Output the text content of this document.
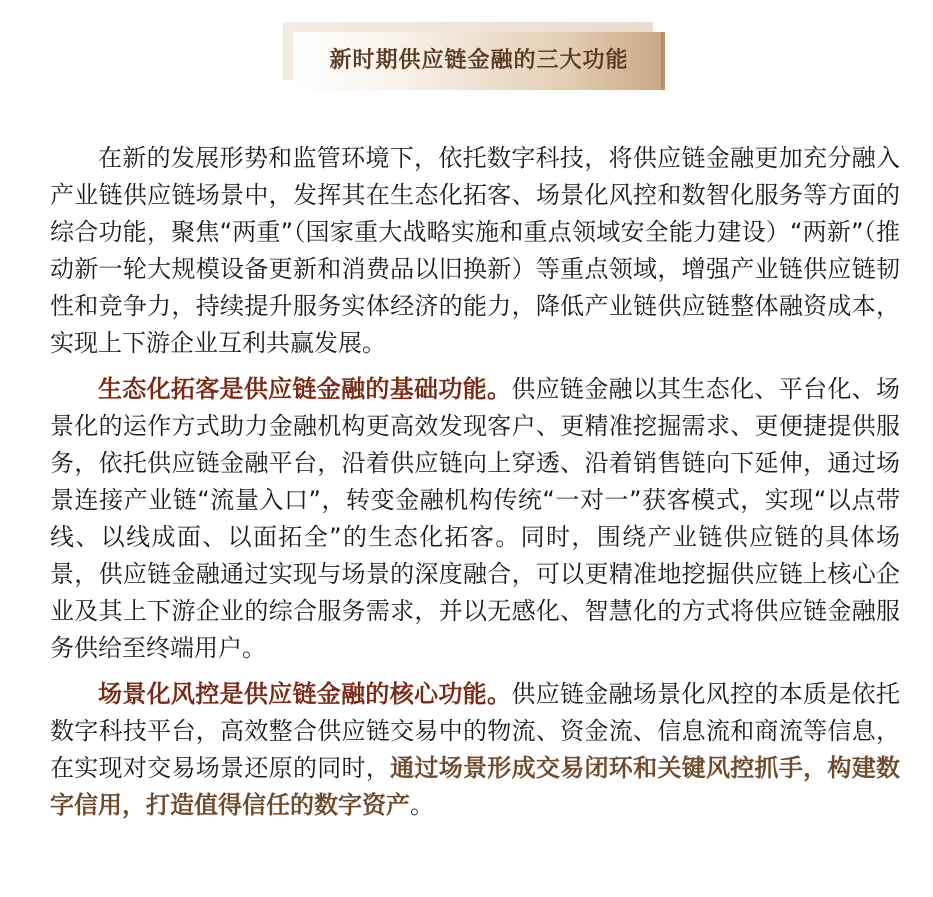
新时期供应链金融的三大功能

在新的发展形势和监管环境下，依托数字科技，将供应链金融更加充分融入产业链供应链场景中，发挥其在生态化拓客、场景化风控和数智化服务等方面的综合功能，聚焦“两重”（国家重大战略实施和重点领域安全能力建设）“两新”（推动新一轮大规模设备更新和消费品以旧换新）等重点领域，增强产业链供应链韧性和竞争力，持续提升服务实体经济的能力，降低产业链供应链整体融资成本，实现上下游企业互利共赢发展。

生态化拓客是供应链金融的基础功能。供应链金融以其生态化、平台化、场景化的运作方式助力金融机构更高效发现客户、更精准挖掘需求、更便捷提供服务，依托供应链金融平台，沿着供应链向上穿透、沿着销售链向下延伸，通过场景连接产业链“流量入口”，转变金融机构传统“一对一”获客模式，实现“以点带线、以线成面、以面拓全”的生态化拓客。同时，围绕产业链供应链的具体场景，供应链金融通过实现与场景的深度融合，可以更精准地挖掘供应链上核心企业及其上下游企业的综合服务需求，并以无感化、智慧化的方式将供应链金融服务供给至终端用户。

场景化风控是供应链金融的核心功能。供应链金融场景化风控的本质是依托数字科技平台，高效整合供应链交易中的物流、资金流、信息流和商流等信息，在实现对交易场景还原的同时，通过场景形成交易闭环和关键风控抓手，构建数字信用，打造值得信任的数字资产。
